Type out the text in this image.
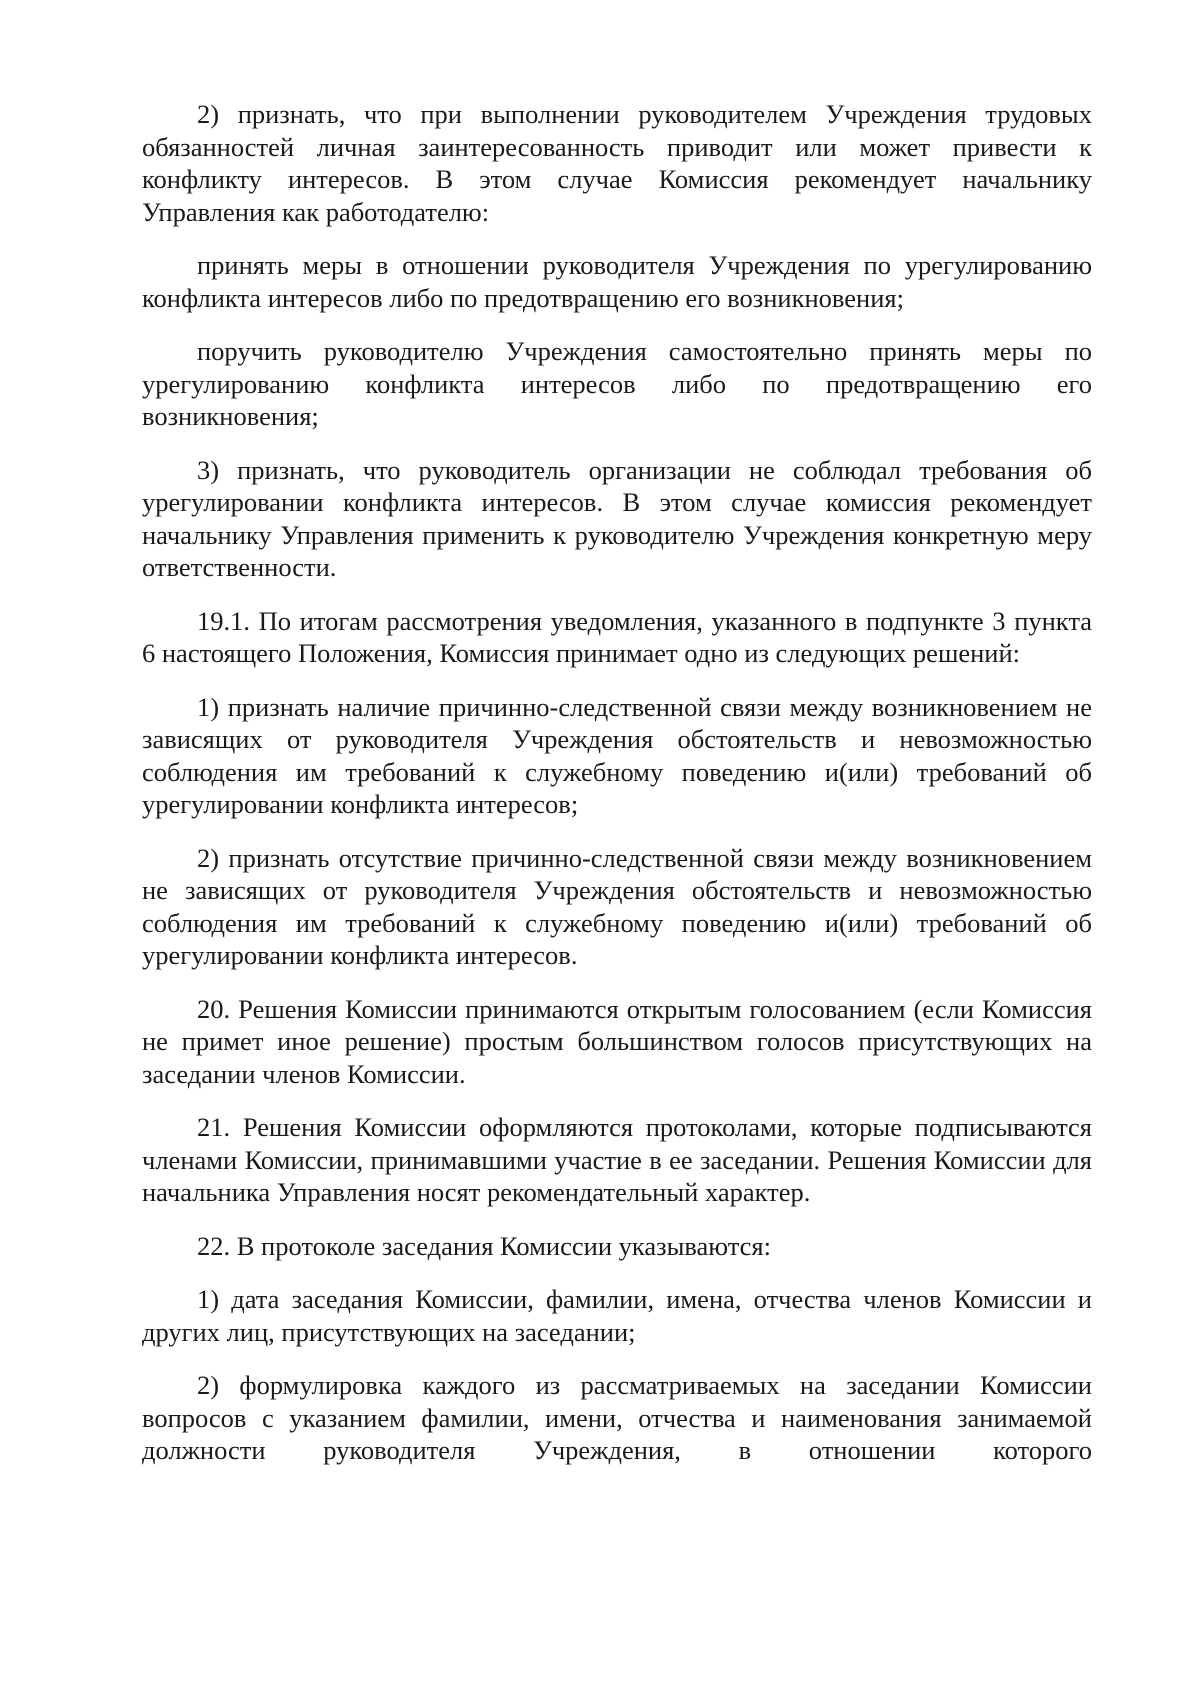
2) признать, что при выполнении руководителем Учреждения трудовых обязанностей личная заинтересованность приводит или может привести к конфликту интересов. В этом случае Комиссия рекомендует начальнику Управления как работодателю:

принять меры в отношении руководителя Учреждения по урегулированию конфликта интересов либо по предотвращению его возникновения;

поручить руководителю Учреждения самостоятельно принять меры по урегулированию конфликта интересов либо по предотвращению его возникновения;

3) признать, что руководитель организации не соблюдал требования об урегулировании конфликта интересов. В этом случае комиссия рекомендует начальнику Управления применить к руководителю Учреждения конкретную меру ответственности.

19.1. По итогам рассмотрения уведомления, указанного в подпункте 3 пункта 6 настоящего Положения, Комиссия принимает одно из следующих решений:

1) признать наличие причинно-следственной связи между возникновением не зависящих от руководителя Учреждения обстоятельств и невозможностью соблюдения им требований к служебному поведению и(или) требований об урегулировании конфликта интересов;

2) признать отсутствие причинно-следственной связи между возникновением не зависящих от руководителя Учреждения обстоятельств и невозможностью соблюдения им требований к служебному поведению и(или) требований об урегулировании конфликта интересов.

20. Решения Комиссии принимаются открытым голосованием (если Комиссия не примет иное решение) простым большинством голосов присутствующих на заседании членов Комиссии.

21. Решения Комиссии оформляются протоколами, которые подписываются членами Комиссии, принимавшими участие в ее заседании. Решения Комиссии для начальника Управления носят рекомендательный характер.

22. В протоколе заседания Комиссии указываются:

1) дата заседания Комиссии, фамилии, имена, отчества членов Комиссии и других лиц, присутствующих на заседании;

2) формулировка каждого из рассматриваемых на заседании Комиссии вопросов с указанием фамилии, имени, отчества и наименования занимаемой должности руководителя Учреждения, в отношении которого
